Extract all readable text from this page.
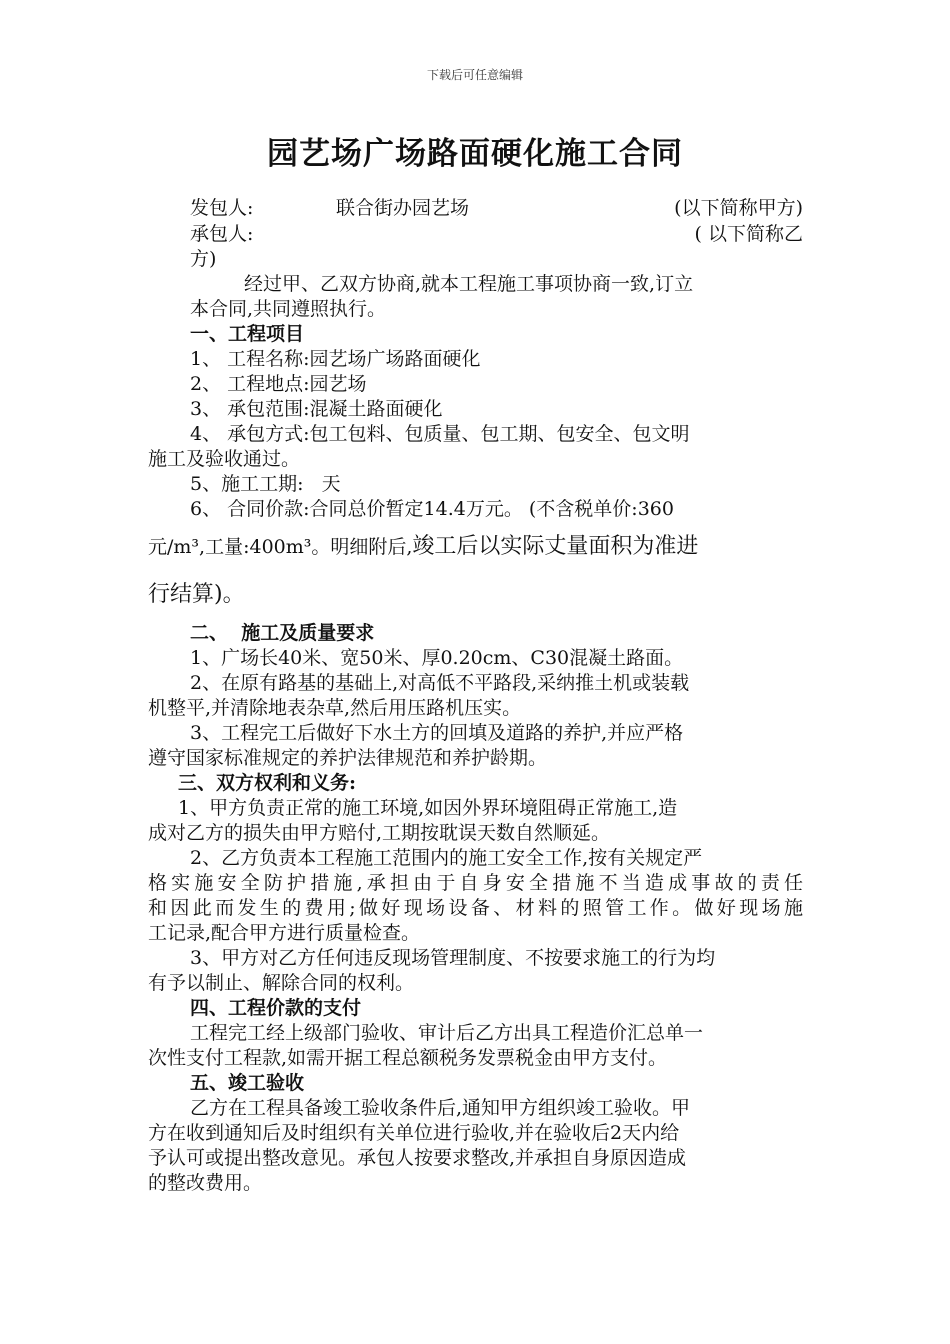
下载后可任意编辑
园艺场广场路面硬化施工合同
发包人:	联合街办园艺场	(以下简称甲方)
承包人:	( 以下简称乙
方)
经过甲、乙双方协商,就本工程施工事项协商一致,订立
本合同,共同遵照执行。
一、工程项目
1、 工程名称:园艺场广场路面硬化
2、 工程地点:园艺场
3、 承包范围:混凝土路面硬化
4、 承包方式:包工包料、包质量、包工期、包安全、包文明
施工及验收通过。
5、施工工期:   天
6、 合同价款:合同总价暂定14.4万元。 (不含税单价:360
元/m³,工量:400m³。明细附后,竣工后以实际丈量面积为准进
行结算)。
二、  施工及质量要求
1、广场长40米、宽50米、厚0.20cm、C30混凝土路面。
2、在原有路基的基础上,对高低不平路段,采纳推土机或装载
机整平,并清除地表杂草,然后用压路机压实。
3、工程完工后做好下水土方的回填及道路的养护,并应严格
遵守国家标准规定的养护法律规范和养护龄期。
三、双方权利和义务:
1、甲方负责正常的施工环境,如因外界环境阻碍正常施工,造
成对乙方的损失由甲方赔付,工期按耽误天数自然顺延。
2、乙方负责本工程施工范围内的施工安全工作,按有关规定严
格实施安全防护措施,承担由于自身安全措施不当造成事故的责任
和因此而发生的费用;做好现场设备、材料的照管工作。做好现场施
工记录,配合甲方进行质量检查。
3、甲方对乙方任何违反现场管理制度、不按要求施工的行为均
有予以制止、解除合同的权利。
四、工程价款的支付
工程完工经上级部门验收、审计后乙方出具工程造价汇总单一
次性支付工程款,如需开据工程总额税务发票税金由甲方支付。
五、竣工验收
乙方在工程具备竣工验收条件后,通知甲方组织竣工验收。甲
方在收到通知后及时组织有关单位进行验收,并在验收后2天内给
予认可或提出整改意见。承包人按要求整改,并承担自身原因造成
的整改费用。
